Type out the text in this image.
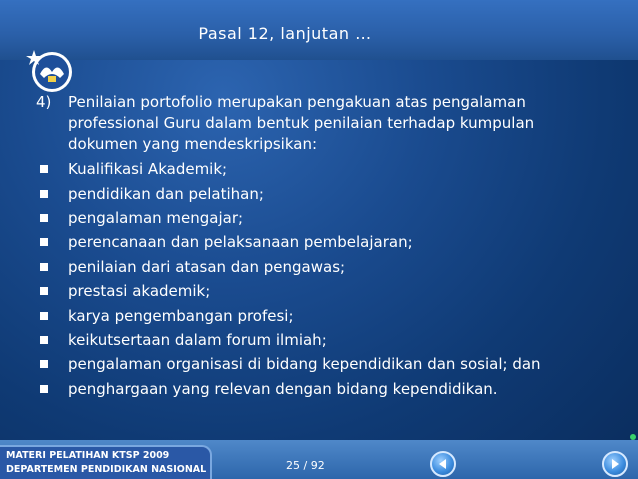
Pasal 12, lanjutan …
4)	Penilaian portofolio merupakan pengakuan atas pengalaman professional Guru dalam bentuk penilaian terhadap kumpulan dokumen yang mendeskripsikan:
Kualifikasi Akademik;
pendidikan dan pelatihan;
pengalaman mengajar;
perencanaan dan pelaksanaan pembelajaran;
penilaian dari atasan dan pengawas;
prestasi akademik;
karya pengembangan profesi;
keikutsertaan dalam forum ilmiah;
pengalaman organisasi di bidang kependidikan dan sosial; dan
penghargaan yang relevan dengan bidang kependidikan.
MATERI PELATIHAN KTSP 2009
DEPARTEMEN PENDIDIKAN NASIONAL	25 / 92
